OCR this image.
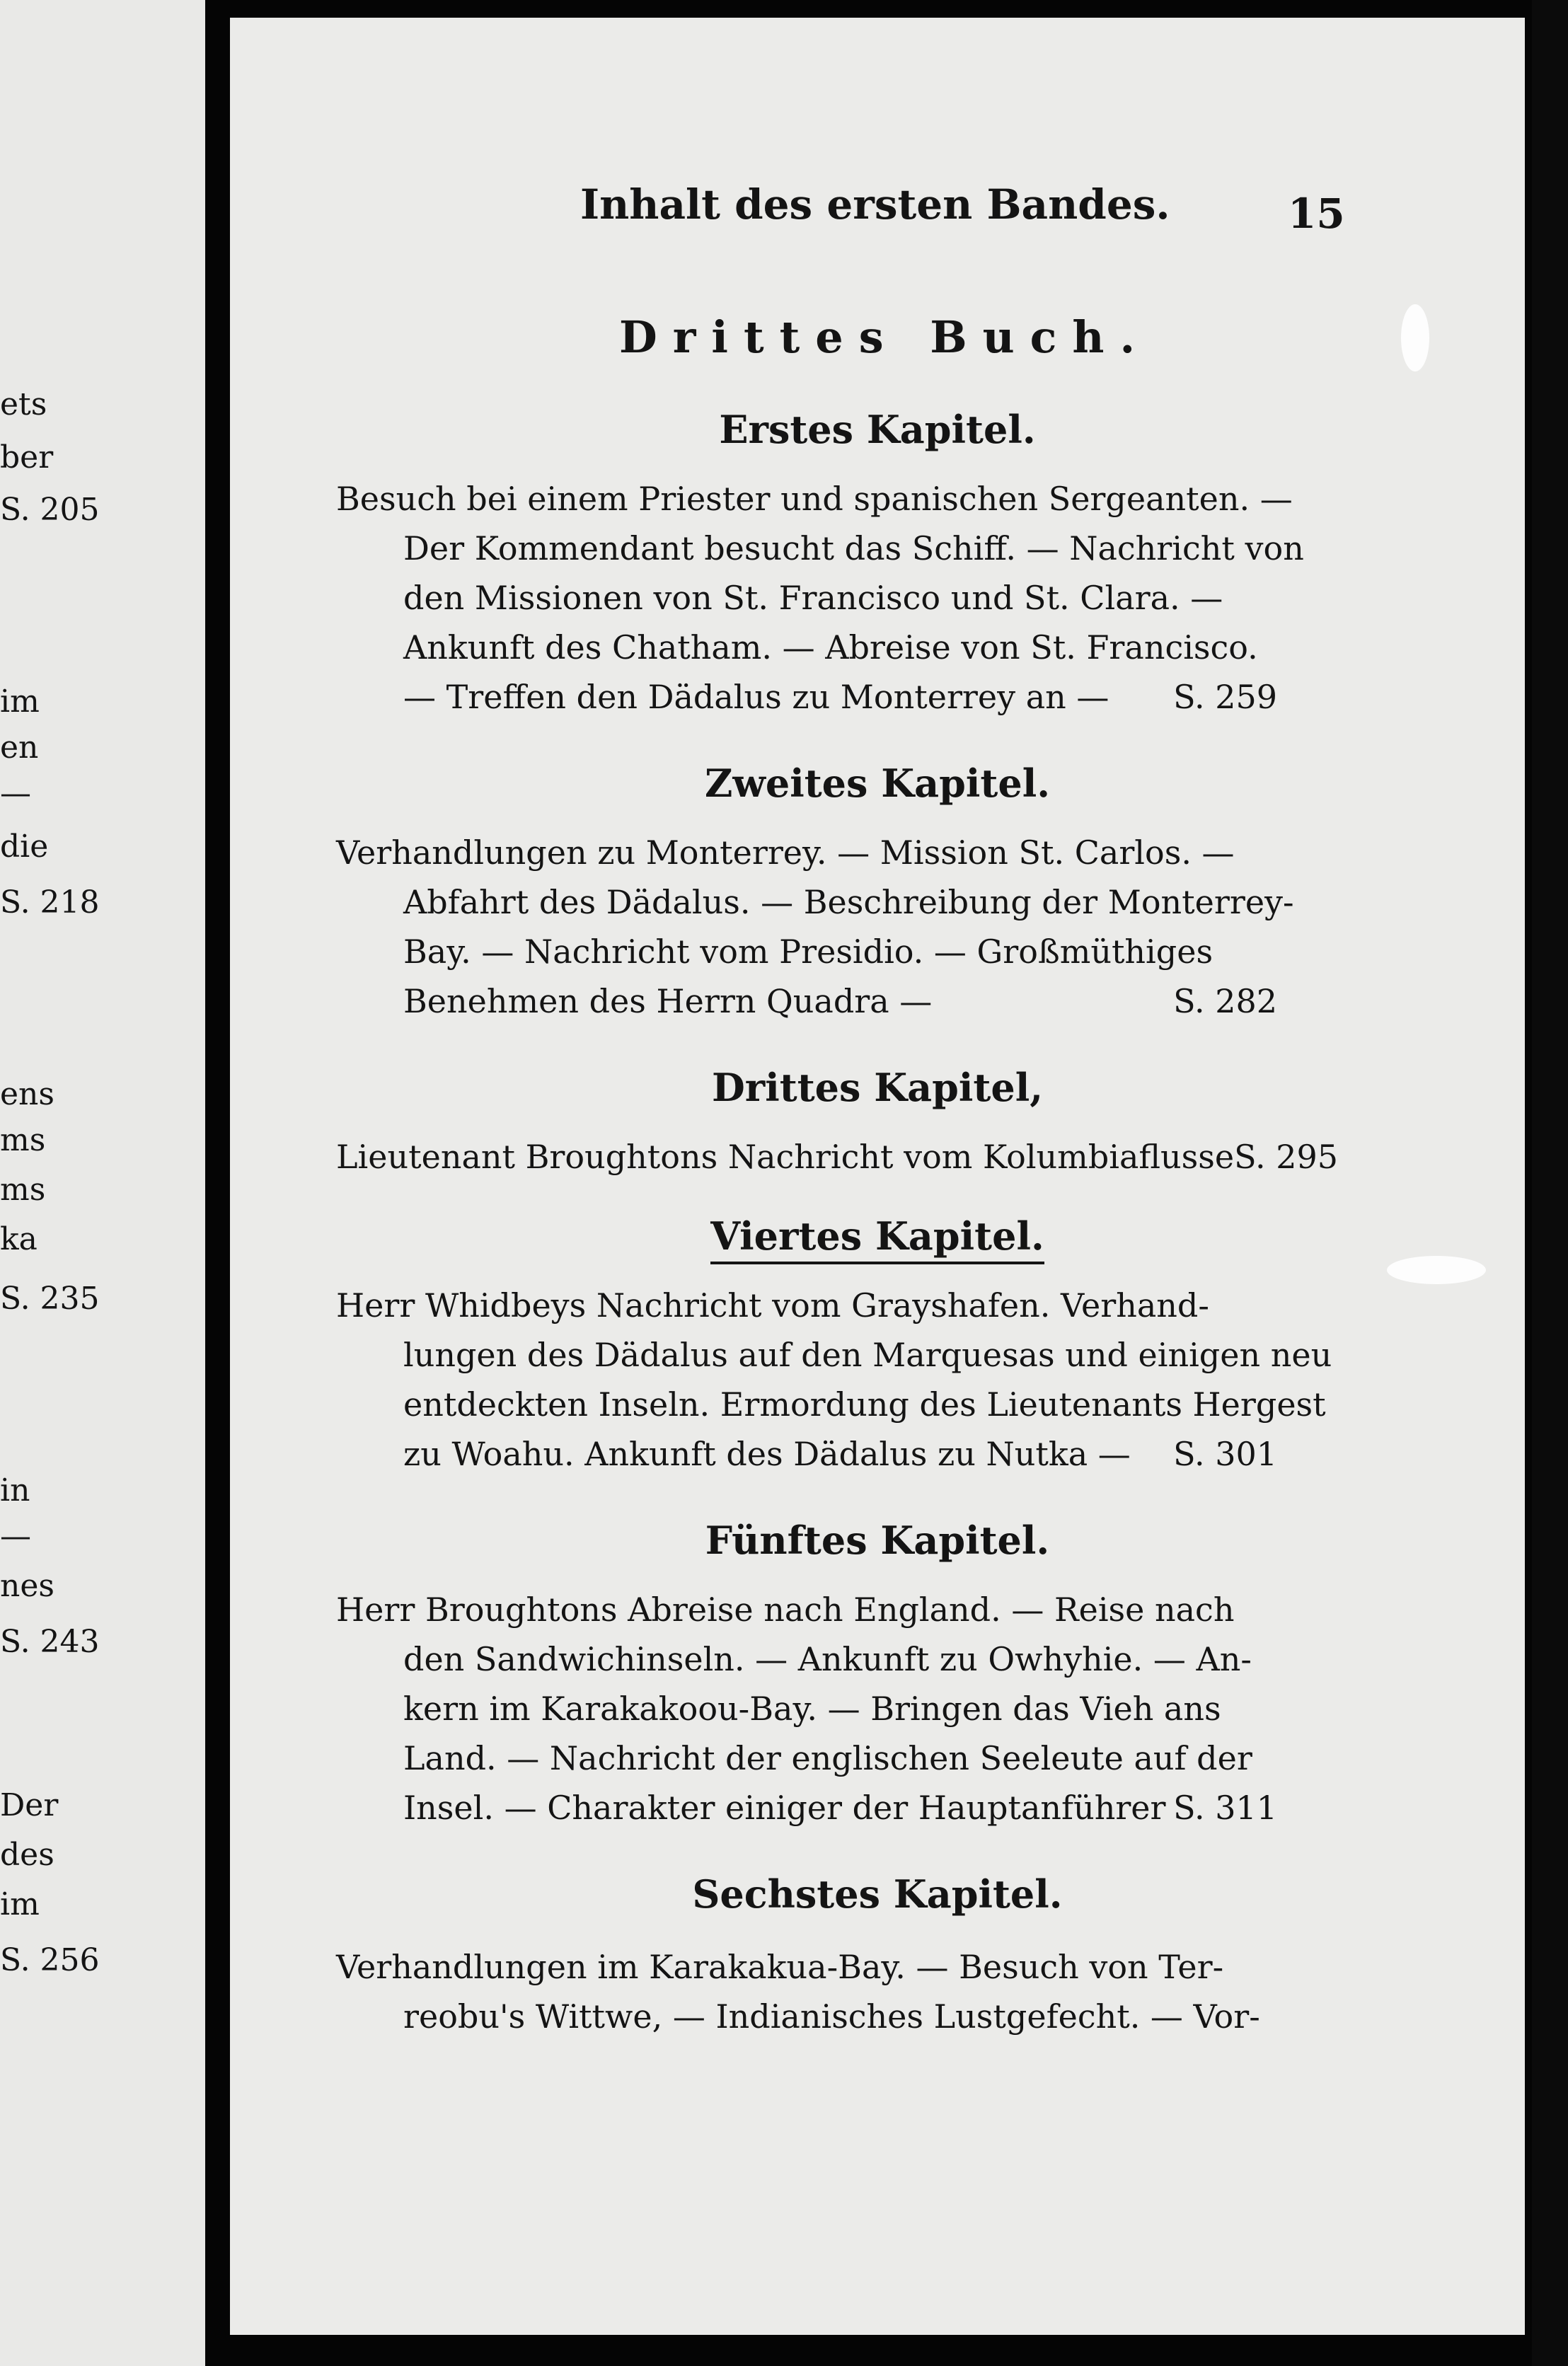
ets
ber
S. 205
im
en
—
die
S. 218
ens
ms
ms
ka
S. 235
in
—
nes
S. 243
Der
des
im
S. 256
Inhalt des ersten Bandes.	15
Drittes Buch.
Erstes Kapitel.
Besuch bei einem Priester und spanischen Sergeanten. —
Der Kommendant besucht das Schiff. — Nachricht von
den Missionen von St. Francisco und St. Clara. —
Ankunft des Chatham. — Abreise von St. Francisco.
— Treffen den Dädalus zu Monterrey an — S. 259
Zweites Kapitel.
Verhandlungen zu Monterrey. — Mission St. Carlos. —
Abfahrt des Dädalus. — Beschreibung der Monterrey-
Bay. — Nachricht vom Presidio. — Großmüthiges
Benehmen des Herrn Quadra —	S. 282
Drittes Kapitel,
Lieutenant Broughtons Nachricht vom Kolumbiaflusse S. 295
Viertes Kapitel.
Herr Whidbeys Nachricht vom Grayshafen. Verhand-
lungen des Dädalus auf den Marquesas und einigen neu
entdeckten Inseln. Ermordung des Lieutenants Hergest
zu Woahu. Ankunft des Dädalus zu Nutka — S. 301
Fünftes Kapitel.
Herr Broughtons Abreise nach England. — Reise nach
den Sandwichinseln. — Ankunft zu Owhyhie. — An-
kern im Karakakoou-Bay. — Bringen das Vieh ans
Land. — Nachricht der englischen Seeleute auf der
Insel. — Charakter einiger der Hauptanführer S. 311
Sechstes Kapitel.
Verhandlungen im Karakakua-Bay. — Besuch von Ter-
reobu's Wittwe, — Indianisches Lustgefecht. — Vor-
